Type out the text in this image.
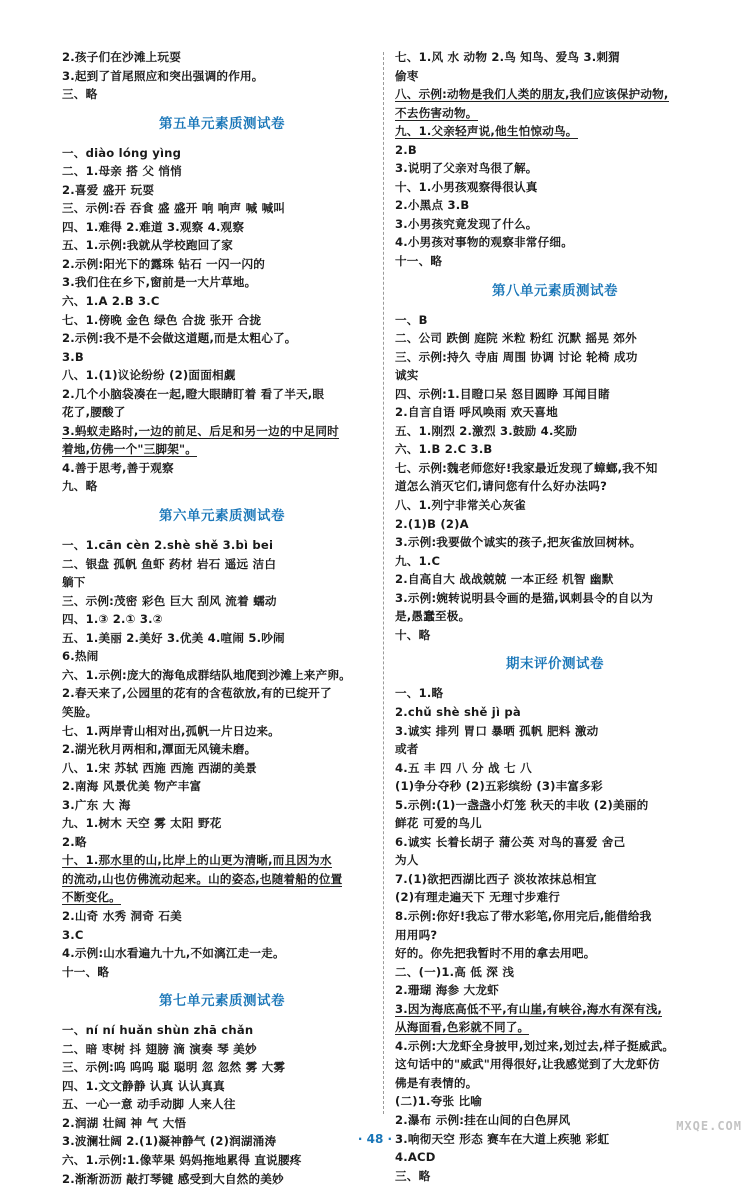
2.孩子们在沙滩上玩耍
3.起到了首尾照应和突出强调的作用。
三、略
第五单元素质测试卷
一、diào lóng yìng
二、1.母亲 搭 父 悄悄
2.喜爱 盛开 玩耍
三、示例:吞 吞食 盛 盛开 响 响声 喊 喊叫
四、1.难得 2.难道 3.观察 4.观察
五、1.示例:我就从学校跑回了家
2.示例:阳光下的露珠 钻石 一闪一闪的
3.我们住在乡下,窗前是一大片草地。
六、1.A 2.B 3.C
七、1.傍晚 金色 绿色 合拢 张开 合拢
2.示例:我不是不会做这道题,而是太粗心了。
3.B
八、1.(1)议论纷纷 (2)面面相觑
2.几个小脑袋凑在一起,瞪大眼睛盯着 看了半天,眼
花了,腰酸了
3.蚂蚁走路时,一边的前足、后足和另一边的中足同时
着地,仿佛一个"三脚架"。
4.善于思考,善于观察
九、略
第六单元素质测试卷
一、1.cān cèn 2.shè shě 3.bì bei
二、银盘 孤帆 鱼虾 药材 岩石 遥远 洁白
躺下
三、示例:茂密 彩色 巨大 刮风 流着 蠕动
四、1.③ 2.① 3.②
五、1.美丽 2.美好 3.优美 4.喧闹 5.吵闹
6.热闹
六、1.示例:庞大的海龟成群结队地爬到沙滩上来产卵。
2.春天来了,公园里的花有的含苞欲放,有的已绽开了
笑脸。
七、1.两岸青山相对出,孤帆一片日边来。
2.湖光秋月两相和,潭面无风镜未磨。
八、1.宋 苏轼 西施 西施 西湖的美景
2.南海 风景优美 物产丰富
3.广东 大 海
九、1.树木 天空 雾 太阳 野花
2.略
十、1.那水里的山,比岸上的山更为清晰,而且因为水
的流动,山也仿佛流动起来。山的姿态,也随着船的位置
不断变化。
2.山奇 水秀 洞奇 石美
3.C
4.示例:山水看遍九十九,不如漓江走一走。
十一、略
第七单元素质测试卷
一、ní ní huǎn shùn zhā chǎn
二、暗 枣树 抖 翅膀 滴 演奏 琴 美妙
三、示例:呜 呜呜 聪 聪明 忽 忽然 雾 大雾
四、1.文文静静 认真 认认真真
五、一心一意 动手动脚 人来人往
2.润湖 壮阔 神 气 大悟
3.波澜壮阔 2.(1)凝神静气 (2)润湖涌涛
六、1.示例:1.像苹果 妈妈拖地累得 直说腰疼
2.渐渐沥沥 敲打琴键 感受到大自然的美妙
七、1.风 水 动物 2.鸟 知鸟、爱鸟 3.刺猬
偷枣
八、示例:动物是我们人类的朋友,我们应该保护动物,
不去伤害动物。
九、1.父亲轻声说,他生怕惊动鸟。
2.B
3.说明了父亲对鸟很了解。
十、1.小男孩观察得很认真
2.小黑点 3.B
3.小男孩究竟发现了什么。
4.小男孩对事物的观察非常仔细。
十一、略
第八单元素质测试卷
一、B
二、公司 跌倒 庭院 米粒 粉红 沉默 摇晃 郊外
三、示例:持久 寺庙 周围 协调 讨论 轮椅 成功
诚实
四、示例:1.目瞪口呆 怒目圆睁 耳闻目睹
2.自言自语 呼风唤雨 欢天喜地
五、1.刚烈 2.激烈 3.鼓励 4.奖励
六、1.B 2.C 3.B
七、示例:魏老师您好!我家最近发现了蟑螂,我不知
道怎么消灭它们,请问您有什么好办法吗?
八、1.列宁非常关心灰雀
2.(1)B (2)A
3.示例:我要做个诚实的孩子,把灰雀放回树林。
九、1.C
2.自高自大 战战兢兢 一本正经 机智 幽默
3.示例:婉转说明县令画的是猫,讽刺县令的自以为
是,愚蠢至极。
十、略
期末评价测试卷
一、1.略
2.chǔ shè shě jì pà
3.诚实 排列 胃口 暴晒 孤帆 肥料 激动
或者
4.五 丰 四 八 分 战 七 八
(1)争分夺秒 (2)五彩缤纷 (3)丰富多彩
5.示例:(1)一盏盏小灯笼 秋天的丰收 (2)美丽的
鲜花 可爱的鸟儿
6.诚实 长着长胡子 蒲公英 对鸟的喜爱 舍己
为人
7.(1)欲把西湖比西子 淡妆浓抹总相宜
(2)有理走遍天下 无理寸步难行
8.示例:你好!我忘了带水彩笔,你用完后,能借给我
用用吗?
好的。你先把我暂时不用的拿去用吧。
二、(一)1.高 低 深 浅
2.珊瑚 海参 大龙虾
3.因为海底高低不平,有山崖,有峡谷,海水有深有浅,
从海面看,色彩就不同了。
4.示例:大龙虾全身披甲,划过来,划过去,样子挺威武。
这句话中的"威武"用得很好,让我感觉到了大龙虾仿
佛是有表情的。
(二)1.夸张 比喻
2.瀑布 示例:挂在山间的白色屏风
3.响彻天空 形态 赛车在大道上疾驰 彩虹
4.ACD
三、略
· 48 ·
MXQE.COM
